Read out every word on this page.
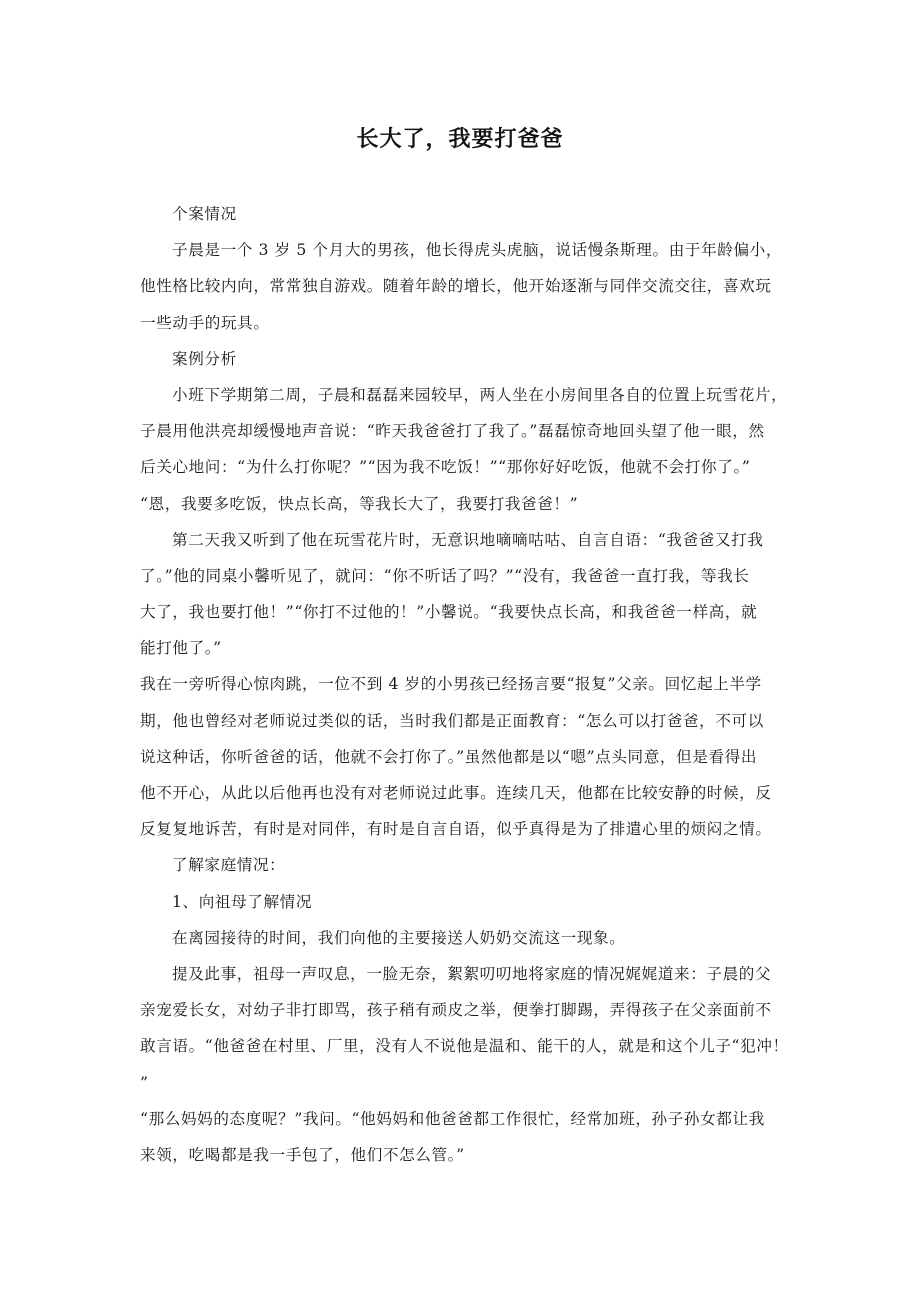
长大了，我要打爸爸
个案情况
子晨是一个 3 岁 5 个月大的男孩，他长得虎头虎脑，说话慢条斯理。由于年龄偏小，
他性格比较内向，常常独自游戏。随着年龄的增长，他开始逐渐与同伴交流交往，喜欢玩
一些动手的玩具。
案例分析
小班下学期第二周，子晨和磊磊来园较早，两人坐在小房间里各自的位置上玩雪花片，
子晨用他洪亮却缓慢地声音说：“昨天我爸爸打了我了。”磊磊惊奇地回头望了他一眼，然
后关心地问：“为什么打你呢？”“因为我不吃饭！”“那你好好吃饭，他就不会打你了。”
“恩，我要多吃饭，快点长高，等我长大了，我要打我爸爸！”
第二天我又听到了他在玩雪花片时，无意识地嘀嘀咕咕、自言自语：“我爸爸又打我
了。”他的同桌小馨听见了，就问：“你不听话了吗？”“没有，我爸爸一直打我，等我长
大了，我也要打他！”“你打不过他的！”小馨说。“我要快点长高，和我爸爸一样高，就
能打他了。”
我在一旁听得心惊肉跳，一位不到 4 岁的小男孩已经扬言要“报复”父亲。回忆起上半学
期，他也曾经对老师说过类似的话，当时我们都是正面教育：“怎么可以打爸爸，不可以
说这种话，你听爸爸的话，他就不会打你了。”虽然他都是以“嗯”点头同意，但是看得出
他不开心，从此以后他再也没有对老师说过此事。连续几天，他都在比较安静的时候，反
反复复地诉苦，有时是对同伴，有时是自言自语，似乎真得是为了排遣心里的烦闷之情。
了解家庭情况：
1、向祖母了解情况
在离园接待的时间，我们向他的主要接送人奶奶交流这一现象。
提及此事，祖母一声叹息，一脸无奈，絮絮叨叨地将家庭的情况娓娓道来：子晨的父
亲宠爱长女，对幼子非打即骂，孩子稍有顽皮之举，便拳打脚踢，弄得孩子在父亲面前不
敢言语。“他爸爸在村里、厂里，没有人不说他是温和、能干的人，就是和这个儿子“犯冲！
”
“那么妈妈的态度呢？”我问。“他妈妈和他爸爸都工作很忙，经常加班，孙子孙女都让我
来领，吃喝都是我一手包了，他们不怎么管。”
